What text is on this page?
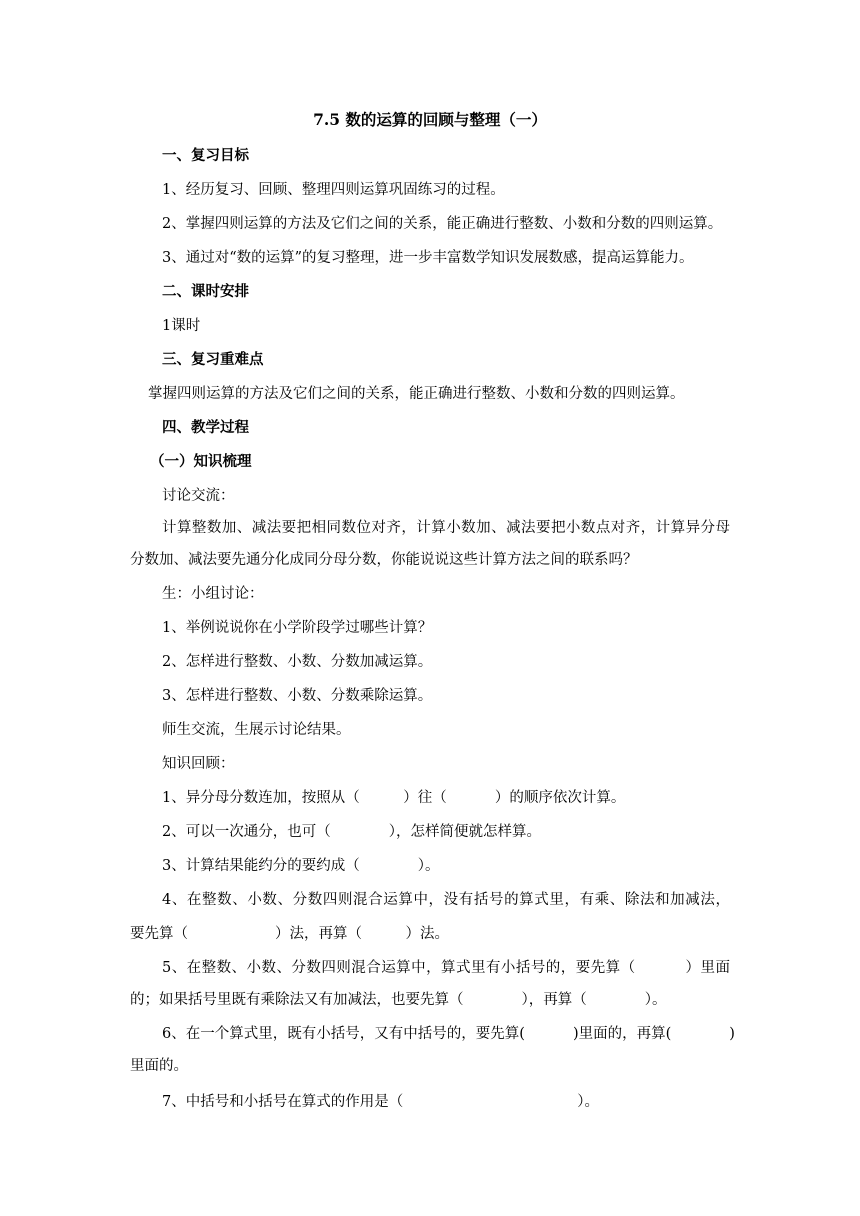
7.5 数的运算的回顾与整理（一）
一、复习目标
1、经历复习、回顾、整理四则运算巩固练习的过程。
2、掌握四则运算的方法及它们之间的关系，能正确进行整数、小数和分数的四则运算。
3、通过对“数的运算”的复习整理，进一步丰富数学知识发展数感，提高运算能力。
二、课时安排
1课时
三、复习重难点
掌握四则运算的方法及它们之间的关系，能正确进行整数、小数和分数的四则运算。
四、教学过程
（一）知识梳理
讨论交流：
计算整数加、减法要把相同数位对齐，计算小数加、减法要把小数点对齐，计算异分母
分数加、减法要先通分化成同分母分数，你能说说这些计算方法之间的联系吗？
生：小组讨论：
1、举例说说你在小学阶段学过哪些计算？
2、怎样进行整数、小数、分数加减运算。
3、怎样进行整数、小数、分数乘除运算。
师生交流，生展示讨论结果。
知识回顾：
1、异分母分数连加，按照从（　　　）往（　　　 ）的顺序依次计算。
2、可以一次通分，也可（　　　　），怎样简便就怎样算。
3、计算结果能约分的要约成（　　　　）。
4、在整数、小数、分数四则混合运算中，没有括号的算式里，有乘、除法和加减法，
要先算（　　　　　　）法，再算（　　　）法。
5、在整数、小数、分数四则混合运算中，算式里有小括号的，要先算（　　　 ）里面
的；如果括号里既有乘除法又有加减法，也要先算（　　　　），再算（　　　　）。
6、在一个算式里，既有小括号，又有中括号的，要先算(　　　 )里面的，再算(　　　　)
里面的。
7、中括号和小括号在算式的作用是（　　　　　　　　　　　　）。
